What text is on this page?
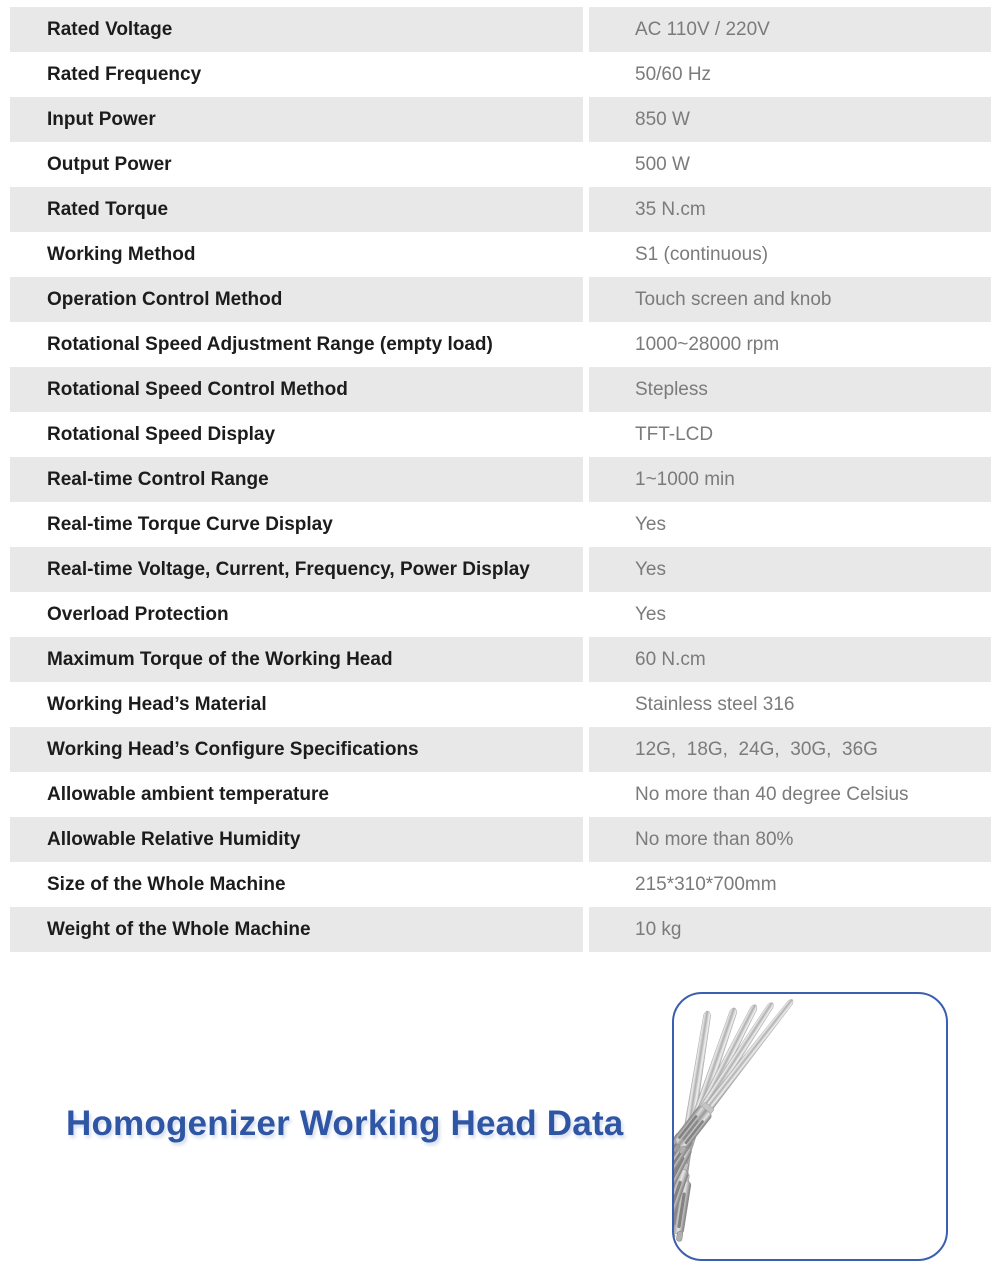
Rated Voltage	AC 110V / 220V
Rated Frequency	50/60 Hz
Input Power	850 W
Output Power	500 W
Rated Torque	35 N.cm
Working Method	S1 (continuous)
Operation Control Method	Touch screen and knob
Rotational Speed Adjustment Range (empty load)	1000~28000 rpm
Rotational Speed Control Method	Stepless
Rotational Speed Display	TFT-LCD
Real-time Control Range	1~1000 min
Real-time Torque Curve Display	Yes
Real-time Voltage, Current, Frequency, Power Display	Yes
Overload Protection	Yes
Maximum Torque of the Working Head	60 N.cm
Working Head’s Material	Stainless steel 316
Working Head’s Configure Specifications	12G,  18G,  24G,  30G,  36G
Allowable ambient temperature	No more than 40 degree Celsius
Allowable Relative Humidity	No more than 80%
Size of the Whole Machine	215*310*700mm
Weight of the Whole Machine	10 kg
Homogenizer Working Head Data
